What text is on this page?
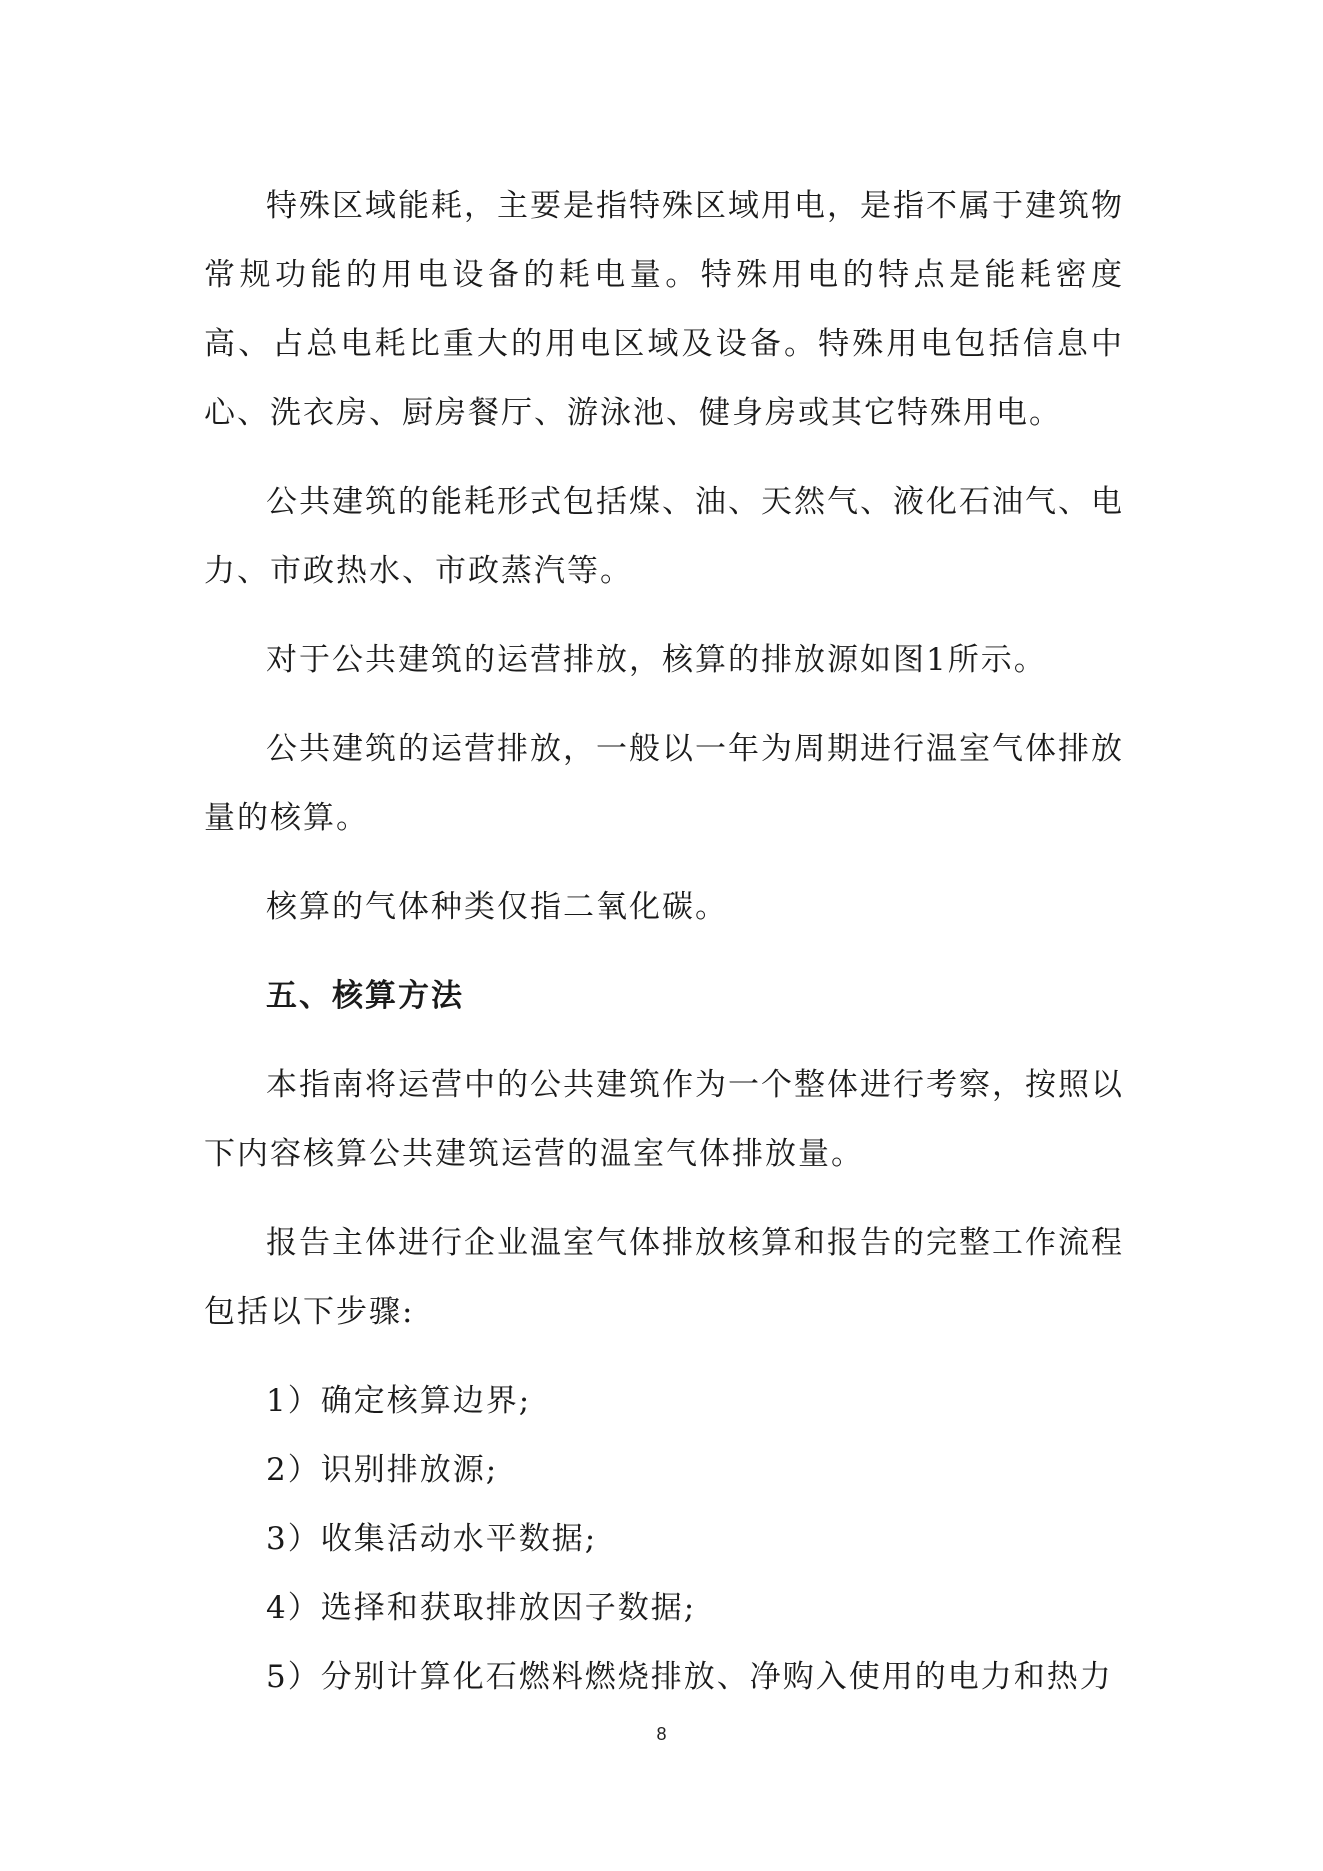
特殊区域能耗，主要是指特殊区域用电，是指不属于建筑物常规功能的用电设备的耗电量。特殊用电的特点是能耗密度高、占总电耗比重大的用电区域及设备。特殊用电包括信息中心、洗衣房、厨房餐厅、游泳池、健身房或其它特殊用电。

公共建筑的能耗形式包括煤、油、天然气、液化石油气、电力、市政热水、市政蒸汽等。

对于公共建筑的运营排放，核算的排放源如图1所示。

公共建筑的运营排放，一般以一年为周期进行温室气体排放量的核算。

核算的气体种类仅指二氧化碳。

五、核算方法

本指南将运营中的公共建筑作为一个整体进行考察，按照以下内容核算公共建筑运营的温室气体排放量。

报告主体进行企业温室气体排放核算和报告的完整工作流程包括以下步骤:

1）确定核算边界;

2）识别排放源;

3）收集活动水平数据;

4）选择和获取排放因子数据;

5）分别计算化石燃料燃烧排放、净购入使用的电力和热力

8
